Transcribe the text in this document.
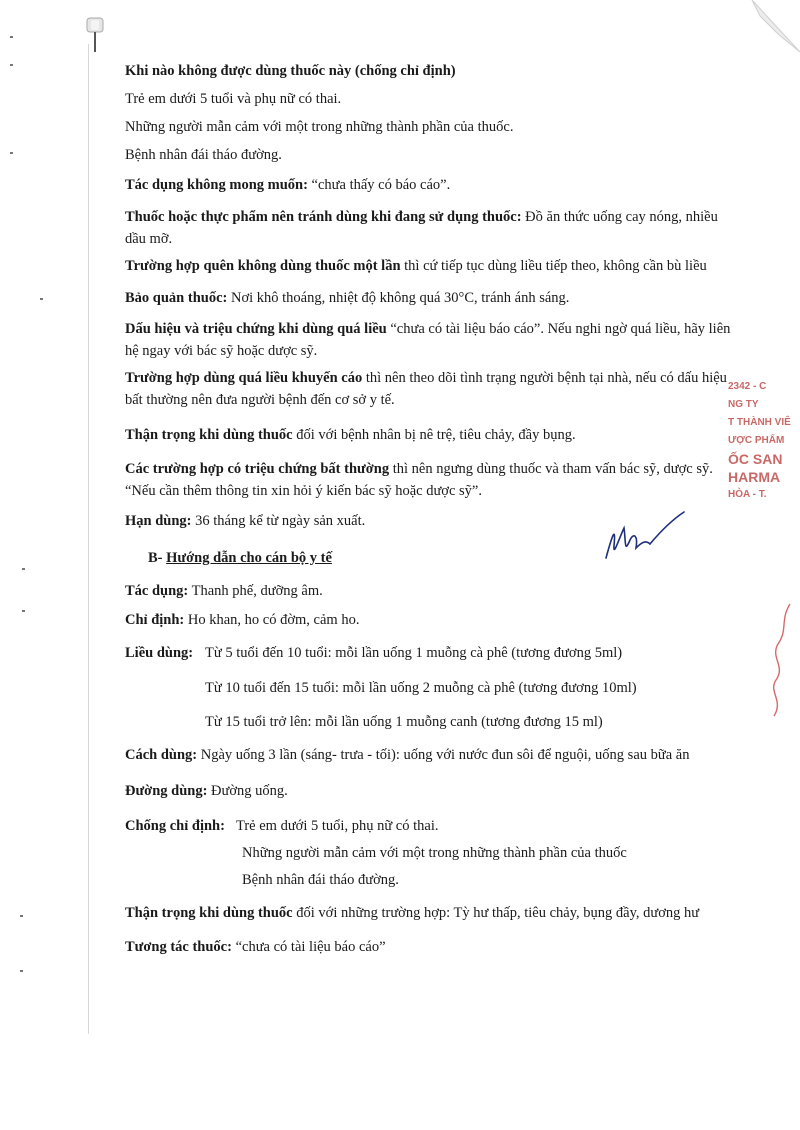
Khi nào không được dùng thuốc này (chống chỉ định)

Trẻ em dưới 5 tuổi và phụ nữ có thai.

Những người mẫn cảm với một trong những thành phần của thuốc.

Bệnh nhân đái tháo đường.

Tác dụng không mong muốn: “chưa thấy có báo cáo”.

Thuốc hoặc thực phẩm nên tránh dùng khi đang sử dụng thuốc: Đồ ăn thức uống cay nóng, nhiều dầu mỡ.

Trường hợp quên không dùng thuốc một lần thì cứ tiếp tục dùng liều tiếp theo, không cần bù liều

Bảo quản thuốc: Nơi khô thoáng, nhiệt độ không quá 30°C, tránh ánh sáng.

Dấu hiệu và triệu chứng khi dùng quá liều “chưa có tài liệu báo cáo”. Nếu nghi ngờ quá liều, hãy liên hệ ngay với bác sỹ hoặc dược sỹ.

Trường hợp dùng quá liều khuyến cáo thì nên theo dõi tình trạng người bệnh tại nhà, nếu có dấu hiệu bất thường nên đưa người bệnh đến cơ sở y tế.

Thận trọng khi dùng thuốc đối với bệnh nhân bị nê trệ, tiêu chảy, đầy bụng.

Các trường hợp có triệu chứng bất thường thì nên ngưng dùng thuốc và tham vấn bác sỹ, dược sỹ. “Nếu cần thêm thông tin xin hỏi ý kiến bác sỹ hoặc dược sỹ”.

Hạn dùng: 36 tháng kể từ ngày sản xuất.

B- Hướng dẫn cho cán bộ y tế

Tác dụng: Thanh phế, dưỡng âm.

Chỉ định: Ho khan, ho có đờm, cảm ho.

Liều dùng: Từ 5 tuổi đến 10 tuổi: mỗi lần uống 1 muỗng cà phê (tương đương 5ml)

Từ 10 tuổi đến 15 tuổi: mỗi lần uống 2 muỗng cà phê (tương đương 10ml)

Từ 15 tuổi trở lên: mỗi lần uống 1 muỗng canh (tương đương 15 ml)

Cách dùng: Ngày uống 3 lần (sáng- trưa - tối): uống với nước đun sôi để nguội, uống sau bữa ăn

Đường dùng: Đường uống.

Chống chỉ định: Trẻ em dưới 5 tuổi, phụ nữ có thai.

Những người mẫn cảm với một trong những thành phần của thuốc

Bệnh nhân đái tháo đường.

Thận trọng khi dùng thuốc đối với những trường hợp: Tỳ hư thấp, tiêu chảy, bụng đầy, dương hư

Tương tác thuốc: “chưa có tài liệu báo cáo”

2342 - C
NG TY
T THÀNH VIÊ
ƯỢC PHẨM
ỐC SAN
HARMA
HÒA - T.
